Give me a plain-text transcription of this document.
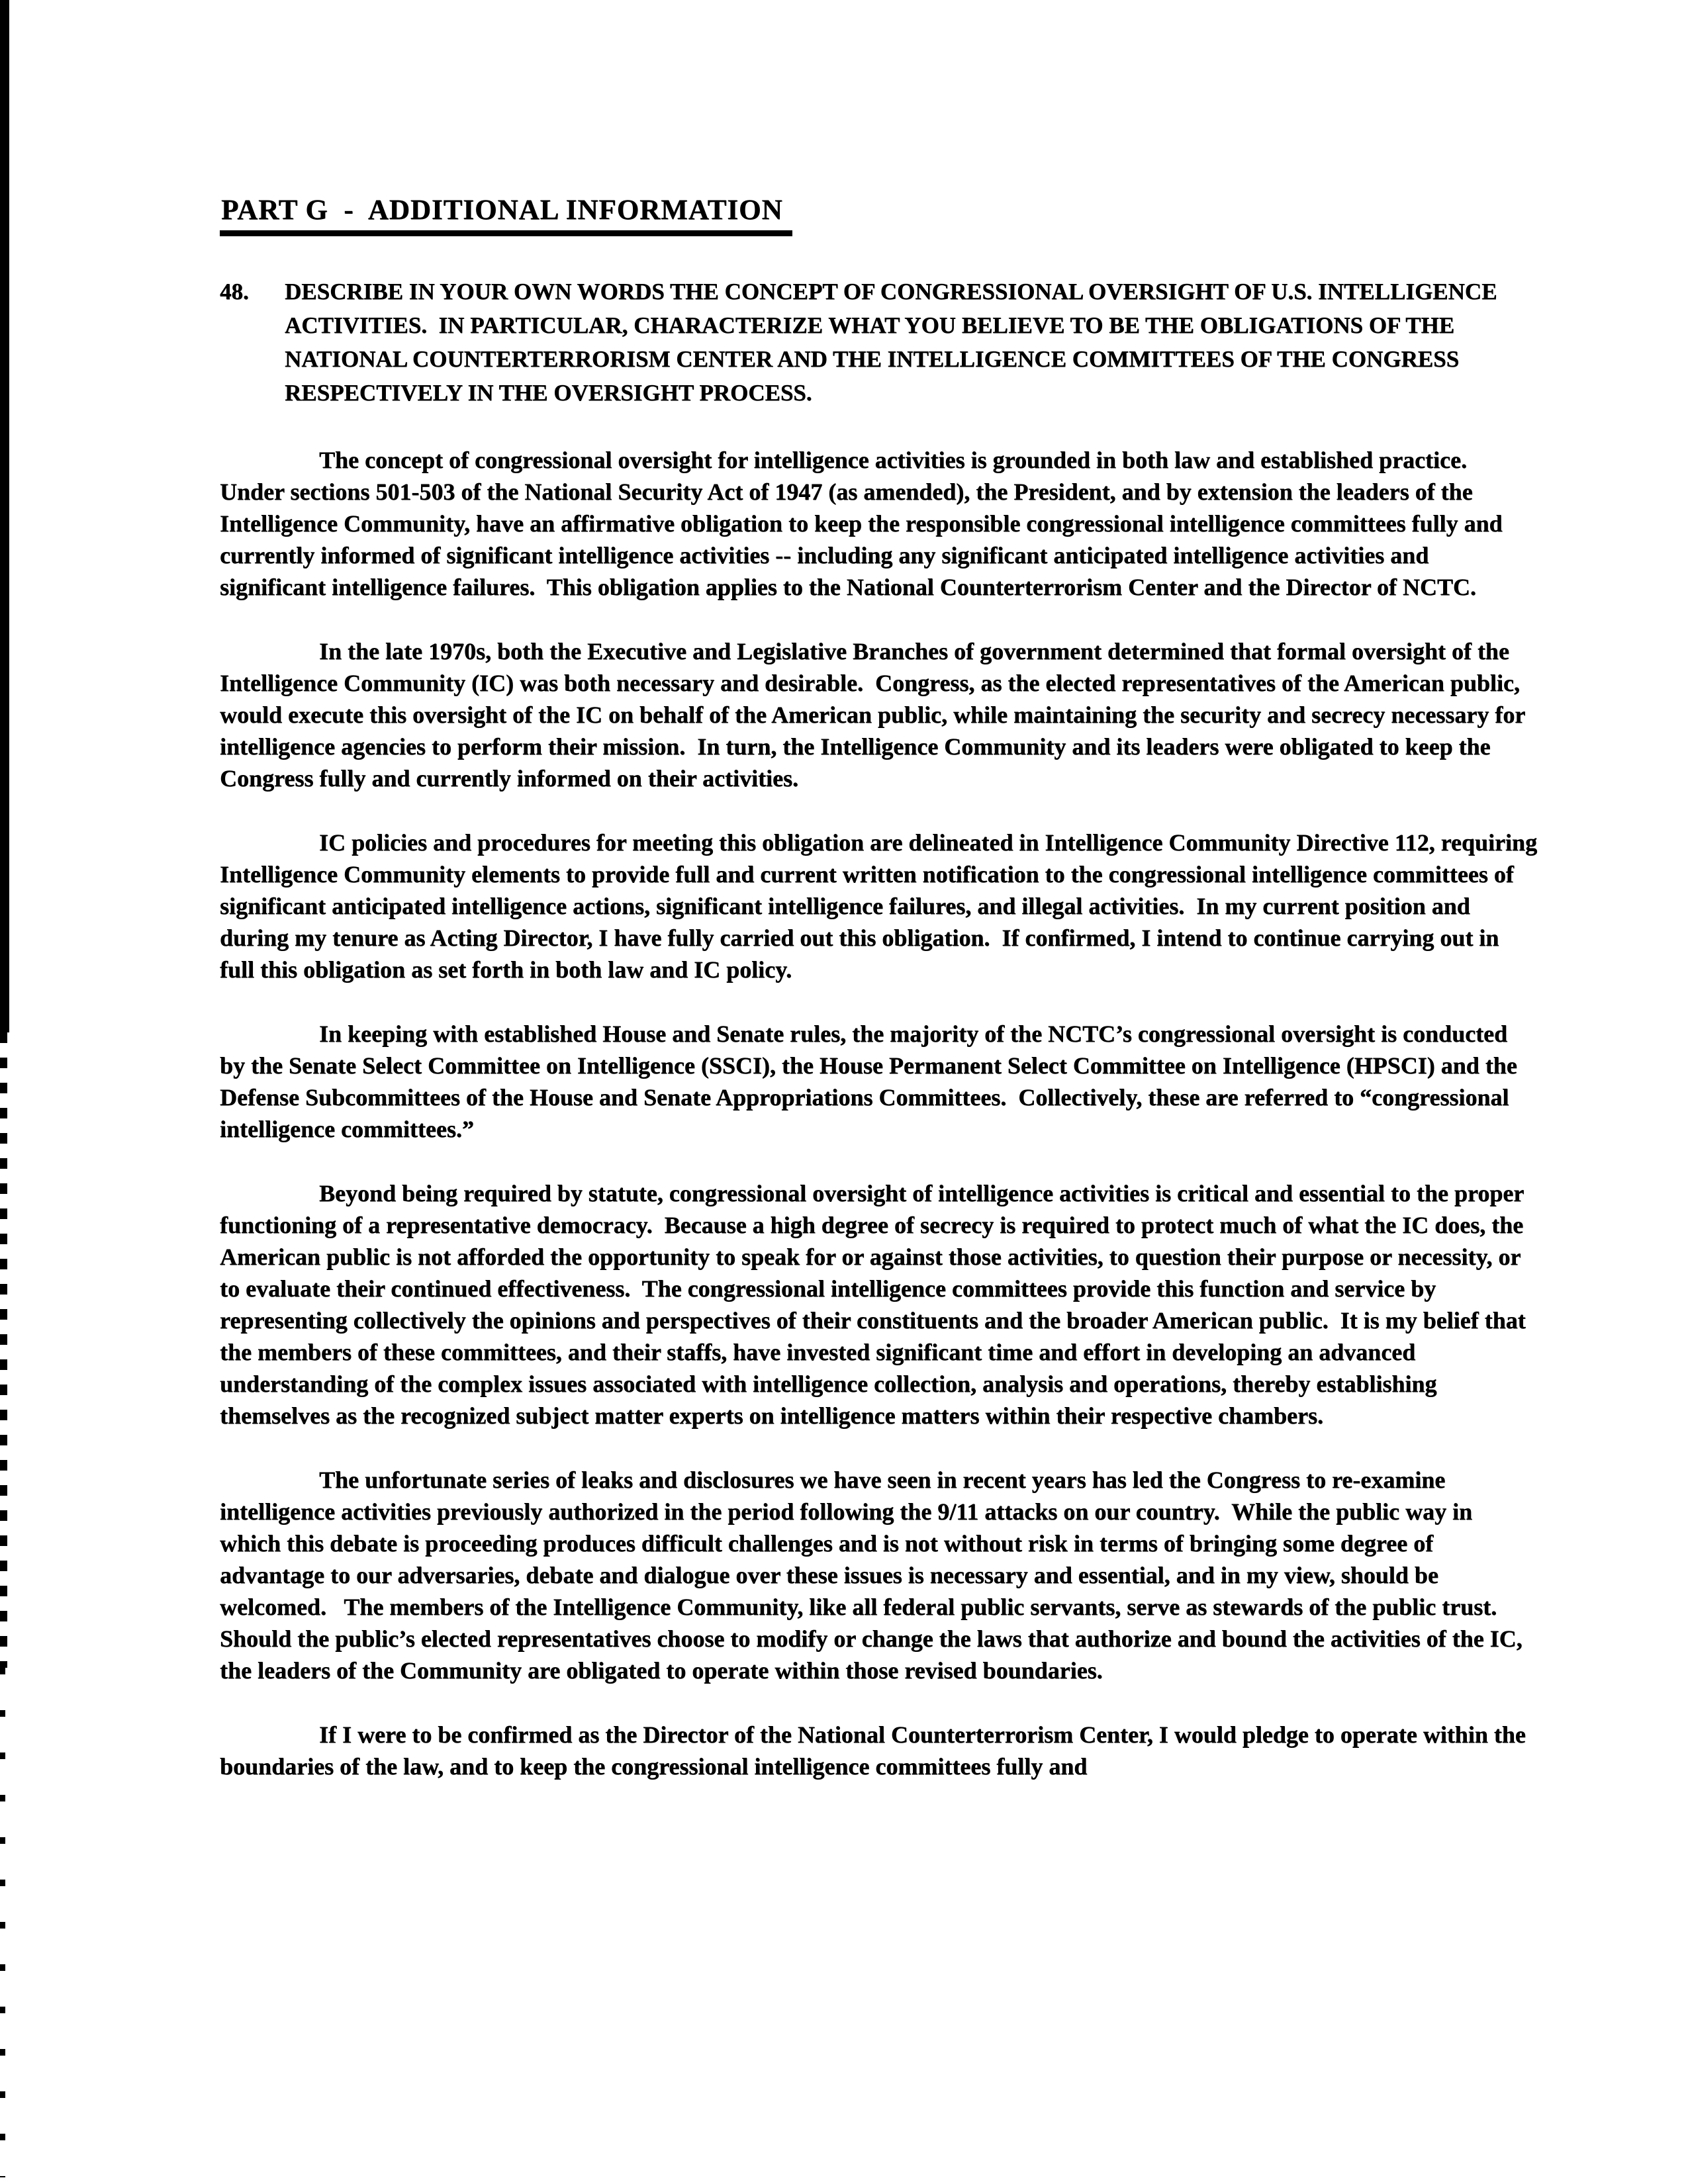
PART G  -  ADDITIONAL INFORMATION
48.	DESCRIBE IN YOUR OWN WORDS THE CONCEPT OF CONGRESSIONAL OVERSIGHT OF U.S. INTELLIGENCE ACTIVITIES.  IN PARTICULAR, CHARACTERIZE WHAT YOU BELIEVE TO BE THE OBLIGATIONS OF THE NATIONAL COUNTERTERRORISM CENTER AND THE INTELLIGENCE COMMITTEES OF THE CONGRESS RESPECTIVELY IN THE OVERSIGHT PROCESS.

The concept of congressional oversight for intelligence activities is grounded in both law and established practice.  Under sections 501-503 of the National Security Act of 1947 (as amended), the President, and by extension the leaders of the Intelligence Community, have an affirmative obligation to keep the responsible congressional intelligence committees fully and currently informed of significant intelligence activities -- including any significant anticipated intelligence activities and significant intelligence failures.  This obligation applies to the National Counterterrorism Center and the Director of NCTC.

In the late 1970s, both the Executive and Legislative Branches of government determined that formal oversight of the Intelligence Community (IC) was both necessary and desirable.  Congress, as the elected representatives of the American public, would execute this oversight of the IC on behalf of the American public, while maintaining the security and secrecy necessary for intelligence agencies to perform their mission.  In turn, the Intelligence Community and its leaders were obligated to keep the Congress fully and currently informed on their activities.

IC policies and procedures for meeting this obligation are delineated in Intelligence Community Directive 112, requiring Intelligence Community elements to provide full and current written notification to the congressional intelligence committees of significant anticipated intelligence actions, significant intelligence failures, and illegal activities.  In my current position and during my tenure as Acting Director, I have fully carried out this obligation.  If confirmed, I intend to continue carrying out in full this obligation as set forth in both law and IC policy.

In keeping with established House and Senate rules, the majority of the NCTC’s congressional oversight is conducted by the Senate Select Committee on Intelligence (SSCI), the House Permanent Select Committee on Intelligence (HPSCI) and the Defense Subcommittees of the House and Senate Appropriations Committees.  Collectively, these are referred to “congressional intelligence committees.”

Beyond being required by statute, congressional oversight of intelligence activities is critical and essential to the proper functioning of a representative democracy.  Because a high degree of secrecy is required to protect much of what the IC does, the American public is not afforded the opportunity to speak for or against those activities, to question their purpose or necessity, or to evaluate their continued effectiveness.  The congressional intelligence committees provide this function and service by representing collectively the opinions and perspectives of their constituents and the broader American public.  It is my belief that the members of these committees, and their staffs, have invested significant time and effort in developing an advanced understanding of the complex issues associated with intelligence collection, analysis and operations, thereby establishing themselves as the recognized subject matter experts on intelligence matters within their respective chambers.

The unfortunate series of leaks and disclosures we have seen in recent years has led the Congress to re-examine intelligence activities previously authorized in the period following the 9/11 attacks on our country.  While the public way in which this debate is proceeding produces difficult challenges and is not without risk in terms of bringing some degree of advantage to our adversaries, debate and dialogue over these issues is necessary and essential, and in my view, should be welcomed.   The members of the Intelligence Community, like all federal public servants, serve as stewards of the public trust.   Should the public’s elected representatives choose to modify or change the laws that authorize and bound the activities of the IC, the leaders of the Community are obligated to operate within those revised boundaries.

If I were to be confirmed as the Director of the National Counterterrorism Center, I would pledge to operate within the boundaries of the law, and to keep the congressional intelligence committees fully and
